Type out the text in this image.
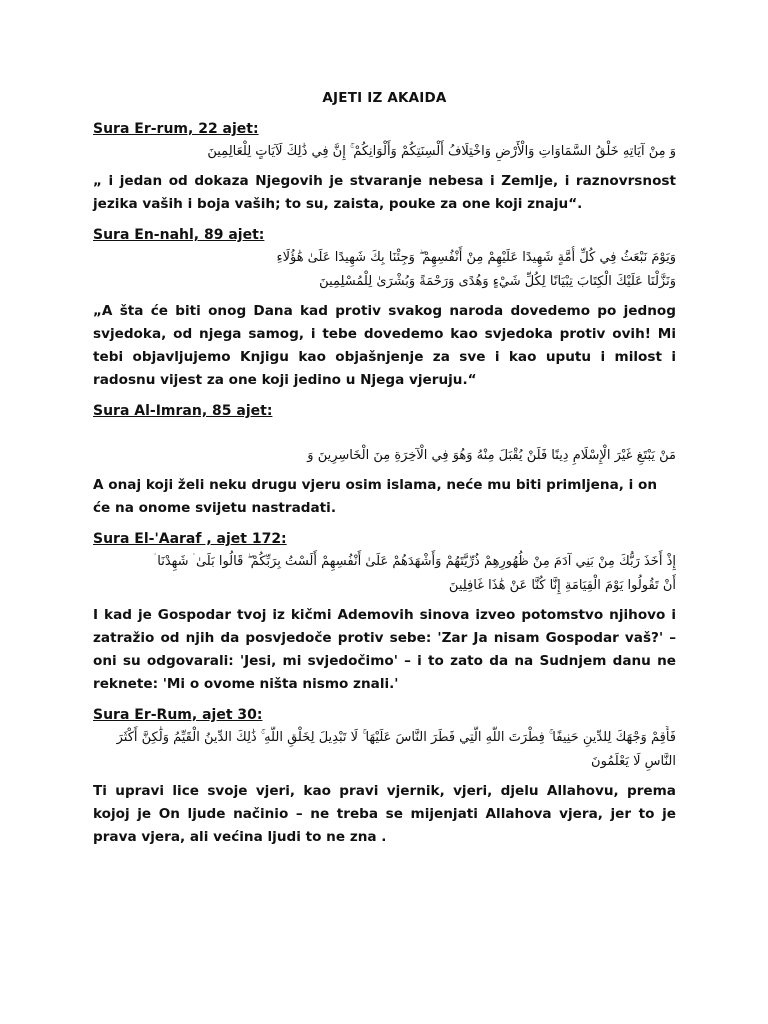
AJETI IZ AKAIDA
Sura Er-rum, 22 ajet:
وَ مِنْ آيَاتِهِ خَلْقُ السَّمَاوَاتِ وَالْأَرْضِ وَاخْتِلَافُ أَلْسِنَتِكُمْ وَأَلْوَانِكُمْ ۚ إِنَّ فِي ذَٰلِكَ لَآيَاتٍ لِلْعَالِمِينَ
„ i jedan od dokaza Njegovih je stvaranje nebesa i Zemlje, i raznovrsnost jezika vaših i boja vaših; to su, zaista, pouke za one koji znaju“.
Sura En-nahl, 89 ajet:
وَيَوْمَ نَبْعَثُ فِي كُلِّ أُمَّةٍ شَهِيدًا عَلَيْهِمْ مِنْ أَنْفُسِهِمْ ۖ وَجِئْنَا بِكَ شَهِيدًا عَلَىٰ هَٰؤُلَاءِ
وَنَزَّلْنَا عَلَيْكَ الْكِتَابَ تِبْيَانًا لِكُلِّ شَيْءٍ وَهُدًى وَرَحْمَةً وَبُشْرَىٰ لِلْمُسْلِمِينَ
„A šta će biti onog Dana kad protiv svakog naroda dovedemo po jednog svjedoka, od njega samog, i tebe dovedemo kao svjedoka protiv ovih! Mi tebi objavljujemo Knjigu kao objašnjenje za sve i kao uputu i milost i radosnu vijest za one koji jedino u Njega vjeruju.“
Sura Al-Imran, 85 ajet:
مَنْ يَبْتَغِ غَيْرَ الْإِسْلَامِ دِينًا فَلَنْ يُقْبَلَ مِنْهُ وَهُوَ فِي الْآخِرَةِ مِنَ الْخَاسِرِينَ وَ
A onaj koji želi neku drugu vjeru osim islama, neće mu biti primljena, i on će na onome svijetu nastradati.
Sura El-'Aaraf , ajet 172:
إِذْ أَخَذَ رَبُّكَ مِنْ بَنِي آدَمَ مِنْ ظُهُورِهِمْ ذُرِّيَّتَهُمْ وَأَشْهَدَهُمْ عَلَىٰ أَنْفُسِهِمْ أَلَسْتُ بِرَبِّكُمْ ۖ قَالُوا بَلَىٰ ۛ شَهِدْنَا ۛ
أَنْ تَقُولُوا يَوْمَ الْقِيَامَةِ إِنَّا كُنَّا عَنْ هَٰذَا غَافِلِينَ
I kad je Gospodar tvoj iz kičmi Ademovih sinova izveo potomstvo njihovo i zatražio od njih da posvjedoče protiv sebe: 'Zar Ja nisam Gospodar vaš?' – oni su odgovarali: 'Jesi, mi svjedočimo' – i to zato da na Sudnjem danu ne reknete: 'Mi o ovome ništa nismo znali.'
Sura Er-Rum, ajet 30:
فَأَقِمْ وَجْهَكَ لِلدِّينِ حَنِيفًا ۚ فِطْرَتَ اللَّهِ الَّتِي فَطَرَ النَّاسَ عَلَيْهَا ۚ لَا تَبْدِيلَ لِخَلْقِ اللَّهِ ۚ ذَٰلِكَ الدِّينُ الْقَيِّمُ وَلَٰكِنَّ أَكْثَرَ
النَّاسِ لَا يَعْلَمُونَ
Ti upravi lice svoje vjeri, kao pravi vjernik, vjeri, djelu Allahovu, prema kojoj je On ljude načinio – ne treba se mijenjati Allahova vjera, jer to je prava vjera, ali većina ljudi to ne zna .
